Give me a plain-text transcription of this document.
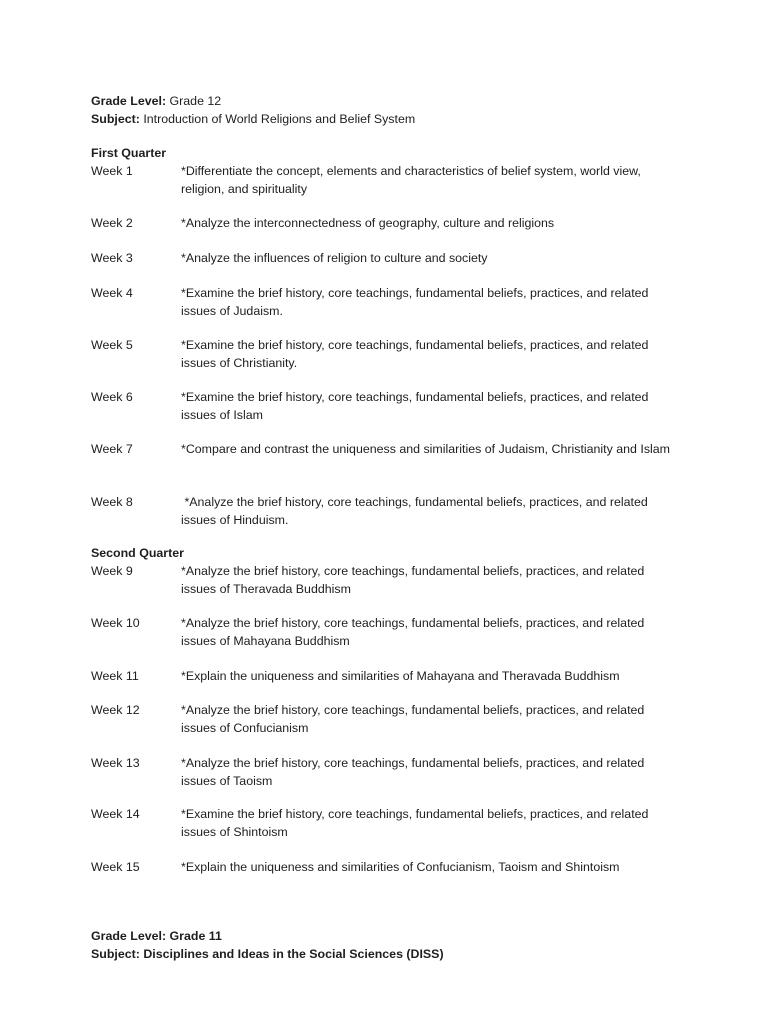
Grade Level: Grade 12
Subject: Introduction of World Religions and Belief System
First Quarter
Week 1	*Differentiate the concept, elements and characteristics of belief system, world view, religion, and spirituality
Week 2	*Analyze the interconnectedness of geography, culture and religions
Week 3	*Analyze the influences of religion to culture and society
Week 4	*Examine the brief history, core teachings, fundamental beliefs, practices, and related issues of Judaism.
Week 5	*Examine the brief history, core teachings, fundamental beliefs, practices, and related issues of Christianity.
Week 6	*Examine the brief history, core teachings, fundamental beliefs, practices, and related issues of Islam
Week 7	*Compare and contrast the uniqueness and similarities of Judaism, Christianity and Islam
Week 8	*Analyze the brief history, core teachings, fundamental beliefs, practices, and related issues of Hinduism.
Second Quarter
Week 9	*Analyze the brief history, core teachings, fundamental beliefs, practices, and related issues of Theravada Buddhism
Week 10	*Analyze the brief history, core teachings, fundamental beliefs, practices, and related issues of Mahayana Buddhism
Week 11	*Explain the uniqueness and similarities of Mahayana and Theravada Buddhism
Week 12	*Analyze the brief history, core teachings, fundamental beliefs, practices, and related issues of Confucianism
Week 13	*Analyze the brief history, core teachings, fundamental beliefs, practices, and related issues of Taoism
Week 14	*Examine the brief history, core teachings, fundamental beliefs, practices, and related issues of Shintoism
Week 15	*Explain the uniqueness and similarities of Confucianism, Taoism and Shintoism
Grade Level: Grade 11
Subject: Disciplines and Ideas in the Social Sciences (DISS)
